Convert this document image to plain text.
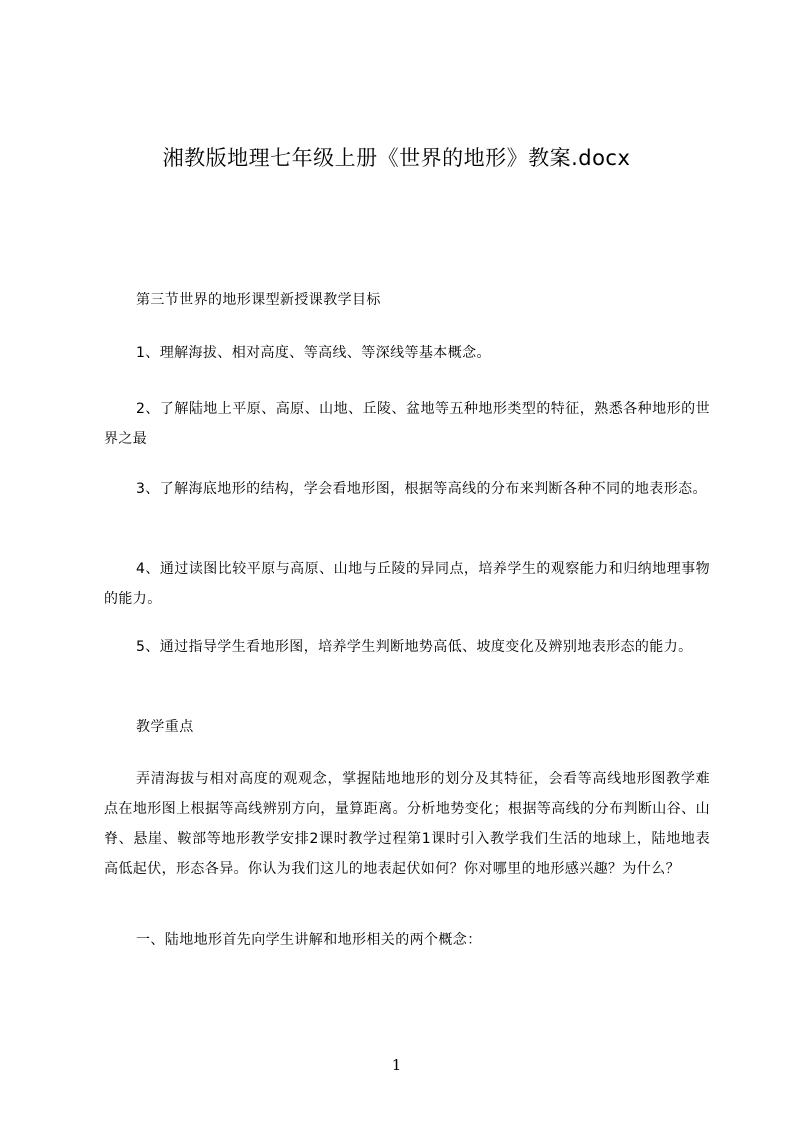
湘教版地理七年级上册《世界的地形》教案.docx
第三节世界的地形课型新授课教学目标
1、理解海拔、相对高度、等高线、等深线等基本概念。
2、了解陆地上平原、高原、山地、丘陵、盆地等五种地形类型的特征，熟悉各种地形的世界之最
3、了解海底地形的结构，学会看地形图，根据等高线的分布来判断各种不同的地表形态。
4、通过读图比较平原与高原、山地与丘陵的异同点，培养学生的观察能力和归纳地理事物的能力。
5、通过指导学生看地形图，培养学生判断地势高低、坡度变化及辨别地表形态的能力。
教学重点
弄清海拔与相对高度的观观念，掌握陆地地形的划分及其特征，会看等高线地形图教学难点在地形图上根据等高线辨别方向，量算距离。分析地势变化；根据等高线的分布判断山谷、山脊、悬崖、鞍部等地形教学安排2课时教学过程第1课时引入教学我们生活的地球上，陆地地表高低起伏，形态各异。你认为我们这儿的地表起伏如何？你对哪里的地形感兴趣？为什么？
一、陆地地形首先向学生讲解和地形相关的两个概念：
1
